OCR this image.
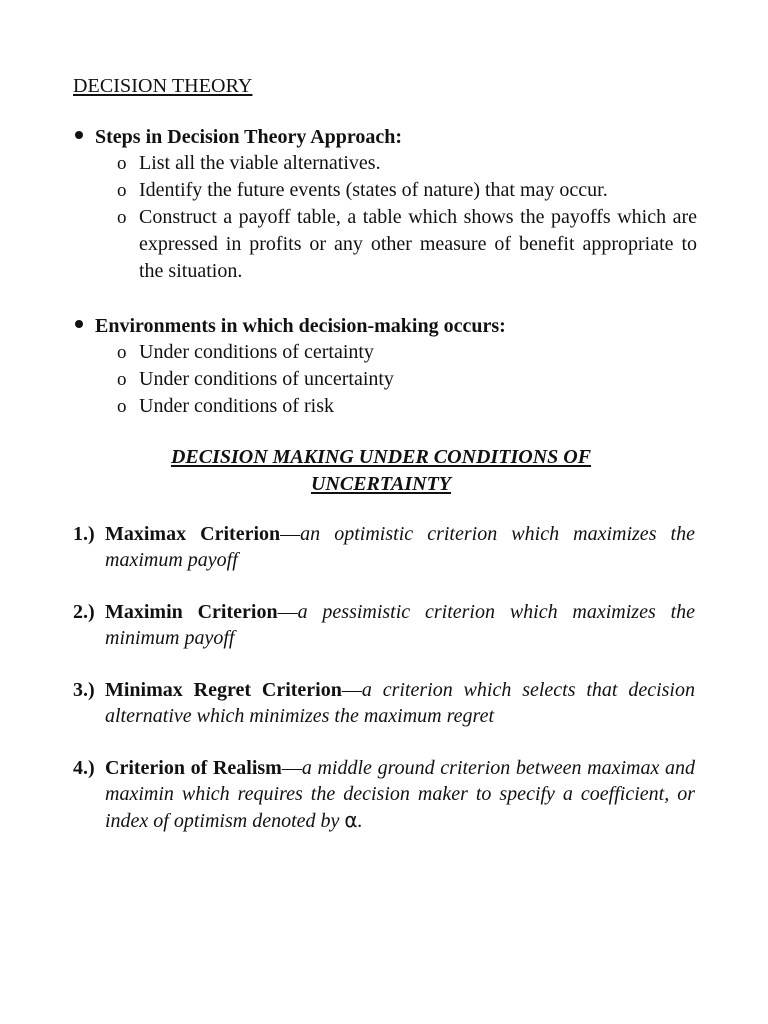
DECISION THEORY
Steps in Decision Theory Approach:
o List all the viable alternatives.
o Identify the future events (states of nature) that may occur.
o Construct a payoff table, a table which shows the payoffs which are expressed in profits or any other measure of benefit appropriate to the situation.
Environments in which decision-making occurs:
o Under conditions of certainty
o Under conditions of uncertainty
o Under conditions of risk
DECISION MAKING UNDER CONDITIONS OF UNCERTAINTY
1.) Maximax Criterion—an optimistic criterion which maximizes the maximum payoff
2.) Maximin Criterion—a pessimistic criterion which maximizes the minimum payoff
3.) Minimax Regret Criterion—a criterion which selects that decision alternative which minimizes the maximum regret
4.) Criterion of Realism—a middle ground criterion between maximax and maximin which requires the decision maker to specify a coefficient, or index of optimism denoted by α.
